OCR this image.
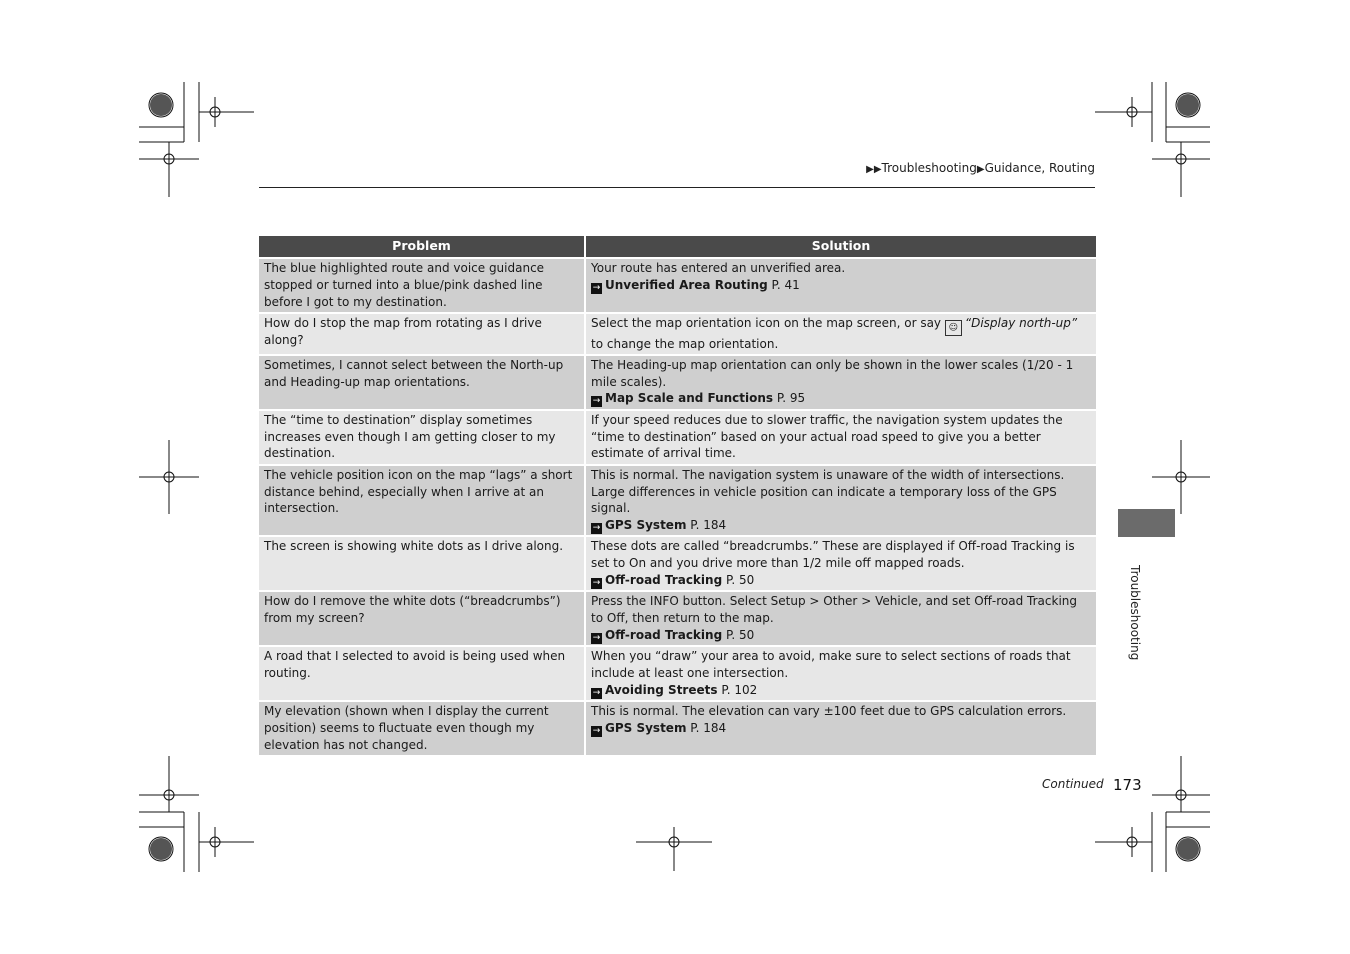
▶▶Troubleshooting▶Guidance, Routing
Problem	Solution
The blue highlighted route and voice guidance stopped or turned into a blue/pink dashed line before I got to my destination.	Your route has entered an unverified area.
→ Unverified Area Routing P. 41

How do I stop the map from rotating as I drive along?	Select the map orientation icon on the map screen, or say ☺ “Display north-up” to change the map orientation.
Sometimes, I cannot select between the North-up and Heading-up map orientations.	The Heading-up map orientation can only be shown in the lower scales (1/20 - 1 mile scales).
→ Map Scale and Functions P. 95

The “time to destination” display sometimes increases even though I am getting closer to my destination.	If your speed reduces due to slower traffic, the navigation system updates the “time to destination” based on your actual road speed to give you a better estimate of arrival time.
The vehicle position icon on the map “lags” a short distance behind, especially when I arrive at an intersection.	This is normal. The navigation system is unaware of the width of intersections. Large differences in vehicle position can indicate a temporary loss of the GPS signal.
→ GPS System P. 184

The screen is showing white dots as I drive along.	These dots are called “breadcrumbs.” These are displayed if Off-road Tracking is set to On and you drive more than 1/2 mile off mapped roads.
→ Off-road Tracking P. 50

How do I remove the white dots (“breadcrumbs”) from my screen?	Press the INFO button. Select Setup > Other > Vehicle, and set Off-road Tracking to Off, then return to the map.
→ Off-road Tracking P. 50

A road that I selected to avoid is being used when routing.	When you “draw” your area to avoid, make sure to select sections of roads that include at least one intersection.
→ Avoiding Streets P. 102

My elevation (shown when I display the current position) seems to fluctuate even though my elevation has not changed.	This is normal. The elevation can vary ±100 feet due to GPS calculation errors.
→ GPS System P. 184
Troubleshooting
Continued 173
